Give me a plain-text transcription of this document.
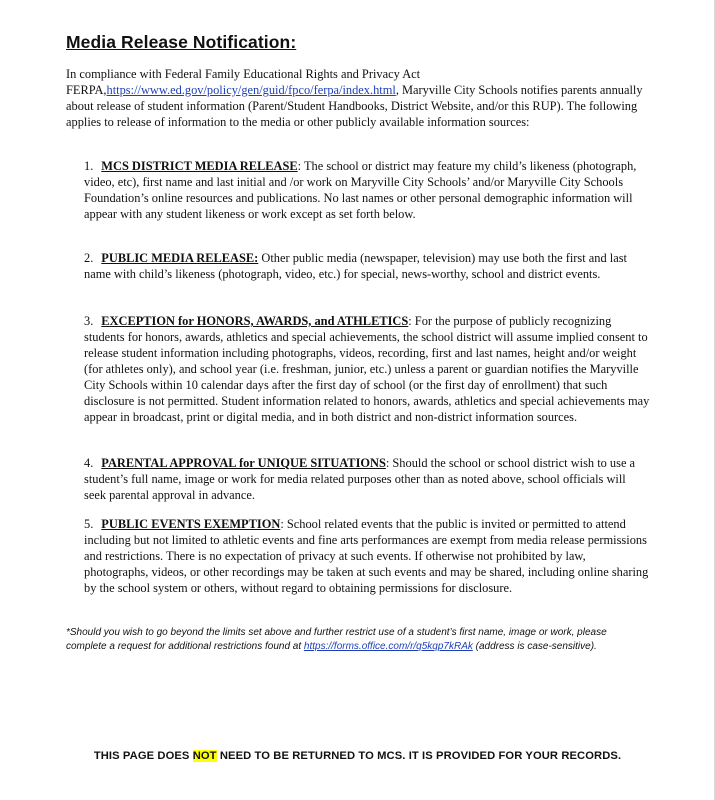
Media Release Notification:

In compliance with Federal Family Educational Rights and Privacy Act FERPA,https://www.ed.gov/policy/gen/guid/fpco/ferpa/index.html, Maryville City Schools notifies parents annually about release of student information (Parent/Student Handbooks, District Website, and/or this RUP). The following applies to release of information to the media or other publicly available information sources:

1. MCS DISTRICT MEDIA RELEASE: The school or district may feature my child’s likeness (photograph, video, etc), first name and last initial and /or work on Maryville City Schools’ and/or Maryville City Schools Foundation’s online resources and publications. No last names or other personal demographic information will appear with any student likeness or work except as set forth below.

2. PUBLIC MEDIA RELEASE: Other public media (newspaper, television) may use both the first and last name with child’s likeness (photograph, video, etc.) for special, news-worthy, school and district events.

3. EXCEPTION for HONORS, AWARDS, and ATHLETICS: For the purpose of publicly recognizing students for honors, awards, athletics and special achievements, the school district will assume implied consent to release student information including photographs, videos, recording, first and last names, height and/or weight (for athletes only), and school year (i.e. freshman, junior, etc.) unless a parent or guardian notifies the Maryville City Schools within 10 calendar days after the first day of school (or the first day of enrollment) that such disclosure is not permitted. Student information related to honors, awards, athletics and special achievements may appear in broadcast, print or digital media, and in both district and non-district information sources.

4. PARENTAL APPROVAL for UNIQUE SITUATIONS: Should the school or school district wish to use a student’s full name, image or work for media related purposes other than as noted above, school officials will seek parental approval in advance.

5. PUBLIC EVENTS EXEMPTION: School related events that the public is invited or permitted to attend including but not limited to athletic events and fine arts performances are exempt from media release permissions and restrictions. There is no expectation of privacy at such events. If otherwise not prohibited by law, photographs, videos, or other recordings may be taken at such events and may be shared, including online sharing by the school system or others, without regard to obtaining permissions for disclosure.

*Should you wish to go beyond the limits set above and further restrict use of a student’s first name, image or work, please complete a request for additional restrictions found at https://forms.office.com/r/q5kqp7kRAk (address is case-sensitive).

THIS PAGE DOES NOT NEED TO BE RETURNED TO MCS. IT IS PROVIDED FOR YOUR RECORDS.
